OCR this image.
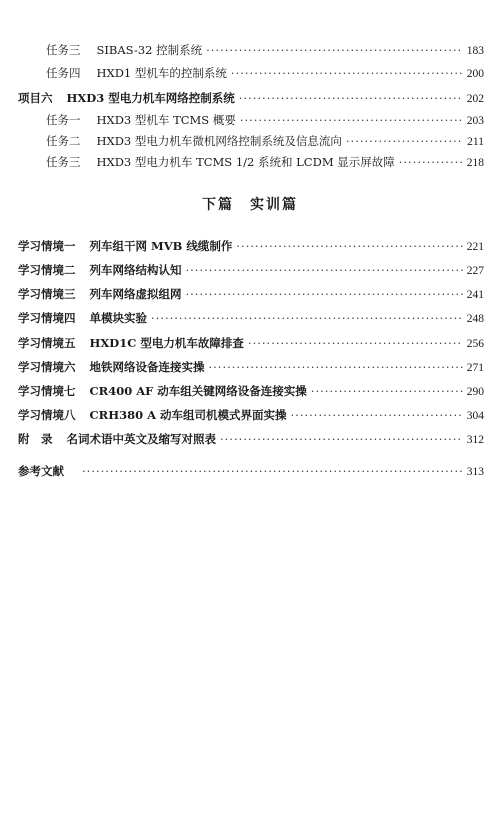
任务三 SIBAS-32 控制系统 ·····	183
任务四 HXD1 型机车的控制系统 ·····	200
项目六 HXD3 型电力机车网络控制系统 ·····	202
任务一 HXD3 型机车 TCMS 概要 ·····	203
任务二 HXD3 型电力机车微机网络控制系统及信息流向 ·····	211
任务三 HXD3 型电力机车 TCMS 1/2 系统和 LCDM 显示屏故障 ·····	218
下篇　实训篇
学习情境一 列车组干网 MVB 线缆制作 ·····	221
学习情境二 列车网络结构认知 ·····	227
学习情境三 列车网络虚拟组网 ·····	241
学习情境四 单模块实验 ·····	248
学习情境五 HXD1C 型电力机车故障排查 ·····	256
学习情境六 地铁网络设备连接实操 ·····	271
学习情境七 CR400 AF 动车组关键网络设备连接实操 ·····	290
学习情境八 CRH380 A 动车组司机模式界面实操 ·····	304
附　录 名词术语中英文及缩写对照表 ·····	312
参考文献 ·····	313
